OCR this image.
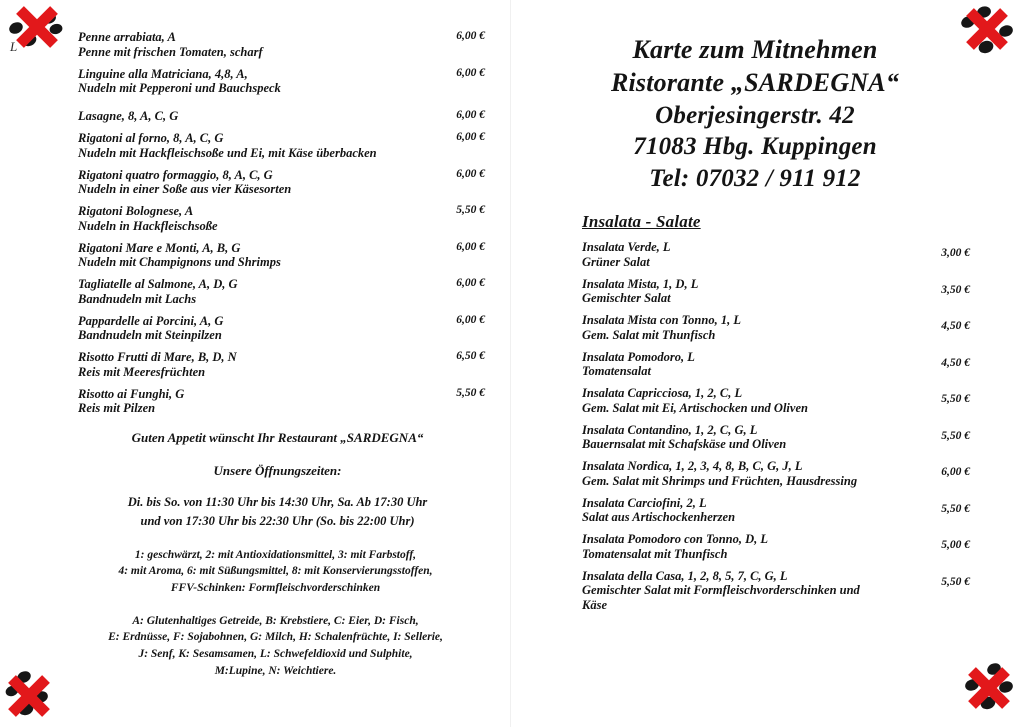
L
Penne arrabiata, A
Penne mit frischen Tomaten, scharf
6,00 €
Linguine alla Matriciana, 4,8, A,
Nudeln mit Pepperoni und Bauchspeck
6,00 €
Lasagne, 8, A, C, G	6,00 €
Rigatoni al forno, 8, A, C, G
Nudeln mit Hackfleischsoße und Ei, mit Käse überbacken
6,00 €
Rigatoni quatro formaggio, 8, A, C, G
Nudeln in einer Soße aus vier Käsesorten
6,00 €
Rigatoni Bolognese, A
Nudeln in Hackfleischsoße
5,50 €
Rigatoni Mare e Monti, A, B, G
Nudeln mit Champignons und Shrimps
6,00 €
Tagliatelle al Salmone, A, D, G
Bandnudeln mit Lachs
6,00 €
Pappardelle ai Porcini, A, G
Bandnudeln mit Steinpilzen
6,00 €
Risotto Frutti di Mare, B, D, N
Reis mit Meeresfrüchten
6,50 €
Risotto ai Funghi, G
Reis mit Pilzen
5,50 €
Guten Appetit wünscht Ihr Restaurant „SARDEGNA“
Unsere Öffnungszeiten:
Di. bis So. von 11:30 Uhr bis 14:30 Uhr, Sa. Ab 17:30 Uhr
und von 17:30 Uhr bis 22:30 Uhr (So. bis 22:00 Uhr)
1: geschwärzt, 2: mit Antioxidationsmittel, 3: mit Farbstoff,
4: mit Aroma, 6: mit Süßungsmittel, 8: mit Konservierungsstoffen,
FFV-Schinken: Formfleischvorderschinken
A: Glutenhaltiges Getreide, B: Krebstiere, C: Eier, D: Fisch,
E: Erdnüsse, F: Sojabohnen, G: Milch, H: Schalenfrüchte, I: Sellerie,
J: Senf, K: Sesamsamen, L: Schwefeldioxid und Sulphite,
M:Lupine, N: Weichtiere.
Karte zum Mitnehmen
Ristorante „SARDEGNA“
Oberjesingerstr. 42
71083 Hbg. Kuppingen
Tel: 07032 / 911 912
Insalata - Salate
Insalata Verde, L
Grüner Salat
3,00 €
Insalata Mista, 1, D, L
Gemischter Salat
3,50 €
Insalata Mista con Tonno, 1, L
Gem. Salat mit Thunfisch
4,50 €
Insalata Pomodoro, L
Tomatensalat
4,50 €
Insalata Capricciosa, 1, 2, C, L
Gem. Salat mit Ei, Artischocken und Oliven
5,50 €
Insalata Contandino, 1, 2, C, G, L
Bauernsalat mit Schafskäse und Oliven
5,50 €
Insalata Nordica, 1, 2, 3, 4, 8, B, C, G, J, L
Gem. Salat mit Shrimps und Früchten, Hausdressing
6,00 €
Insalata Carciofini, 2, L
Salat aus Artischockenherzen
5,50 €
Insalata Pomodoro con Tonno, D, L
Tomatensalat mit Thunfisch
5,00 €
Insalata della Casa, 1, 2, 8, 5, 7, C, G, L
Gemischter Salat mit Formfleischvorderschinken und Käse
5,50 €
